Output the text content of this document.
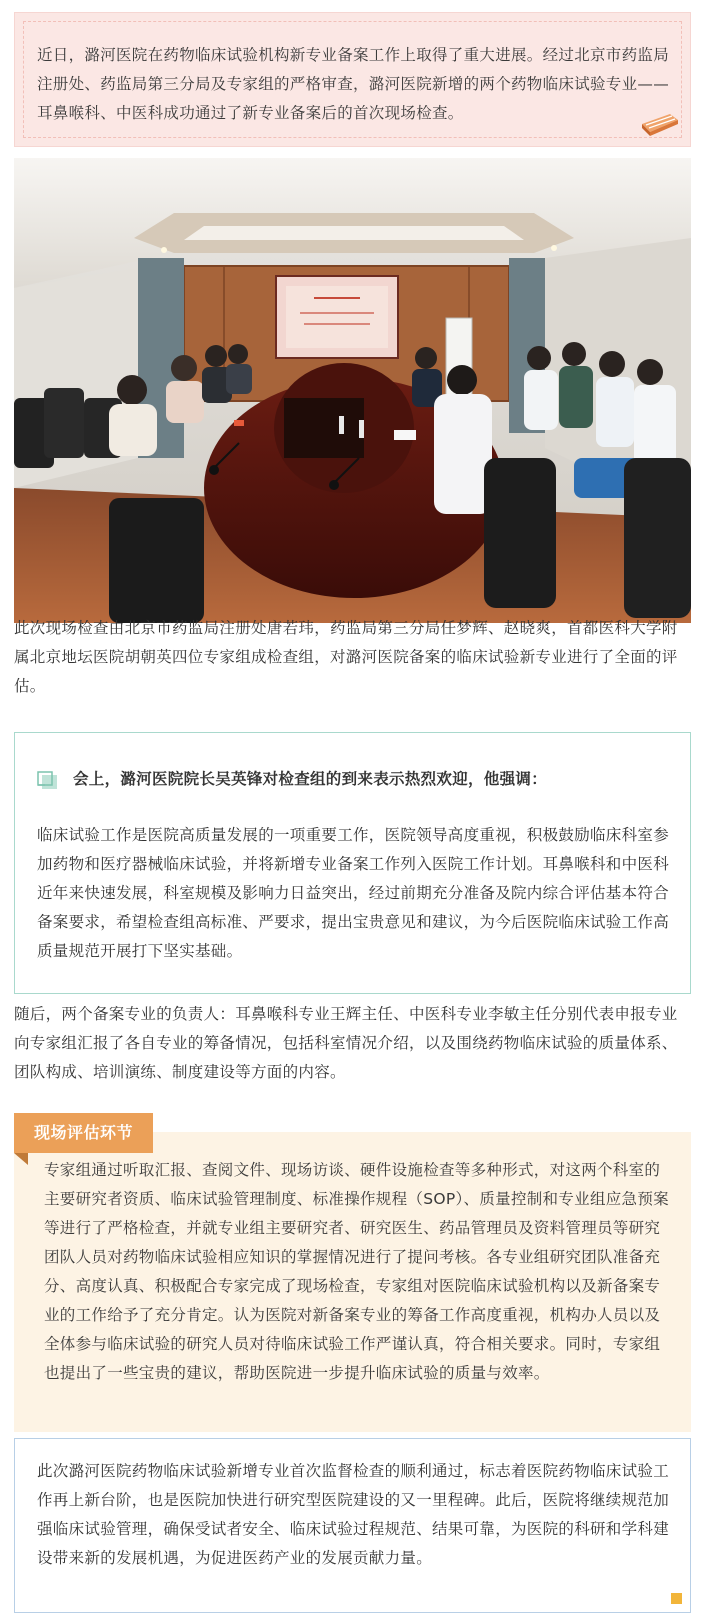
近日，潞河医院在药物临床试验机构新专业备案工作上取得了重大进展。经过北京市药监局注册处、药监局第三分局及专家组的严格审查，潞河医院新增的两个药物临床试验专业——耳鼻喉科、中医科成功通过了新专业备案后的首次现场检查。
此次现场检查由北京市药监局注册处唐若玮，药监局第三分局任梦辉、赵晓爽，首都医科大学附属北京地坛医院胡朝英四位专家组成检查组，对潞河医院备案的临床试验新专业进行了全面的评估。
会上，潞河医院院长吴英锋对检查组的到来表示热烈欢迎，他强调：
临床试验工作是医院高质量发展的一项重要工作，医院领导高度重视，积极鼓励临床科室参加药物和医疗器械临床试验，并将新增专业备案工作列入医院工作计划。耳鼻喉科和中医科近年来快速发展，科室规模及影响力日益突出，经过前期充分准备及院内综合评估基本符合备案要求，希望检查组高标准、严要求，提出宝贵意见和建议，为今后医院临床试验工作高质量规范开展打下坚实基础。
随后，两个备案专业的负责人：耳鼻喉科专业王辉主任、中医科专业李敏主任分别代表申报专业向专家组汇报了各自专业的筹备情况，包括科室情况介绍，以及围绕药物临床试验的质量体系、团队构成、培训演练、制度建设等方面的内容。
现场评估环节
专家组通过听取汇报、查阅文件、现场访谈、硬件设施检查等多种形式，对这两个科室的主要研究者资质、临床试验管理制度、标准操作规程（SOP）、质量控制和专业组应急预案等进行了严格检查，并就专业组主要研究者、研究医生、药品管理员及资料管理员等研究团队人员对药物临床试验相应知识的掌握情况进行了提问考核。各专业组研究团队准备充分、高度认真、积极配合专家完成了现场检查，专家组对医院临床试验机构以及新备案专业的工作给予了充分肯定。认为医院对新备案专业的筹备工作高度重视，机构办人员以及全体参与临床试验的研究人员对待临床试验工作严谨认真，符合相关要求。同时，专家组也提出了一些宝贵的建议，帮助医院进一步提升临床试验的质量与效率。
此次潞河医院药物临床试验新增专业首次监督检查的顺利通过，标志着医院药物临床试验工作再上新台阶，也是医院加快进行研究型医院建设的又一里程碑。此后，医院将继续规范加强临床试验管理，确保受试者安全、临床试验过程规范、结果可靠，为医院的科研和学科建设带来新的发展机遇，为促进医药产业的发展贡献力量。
